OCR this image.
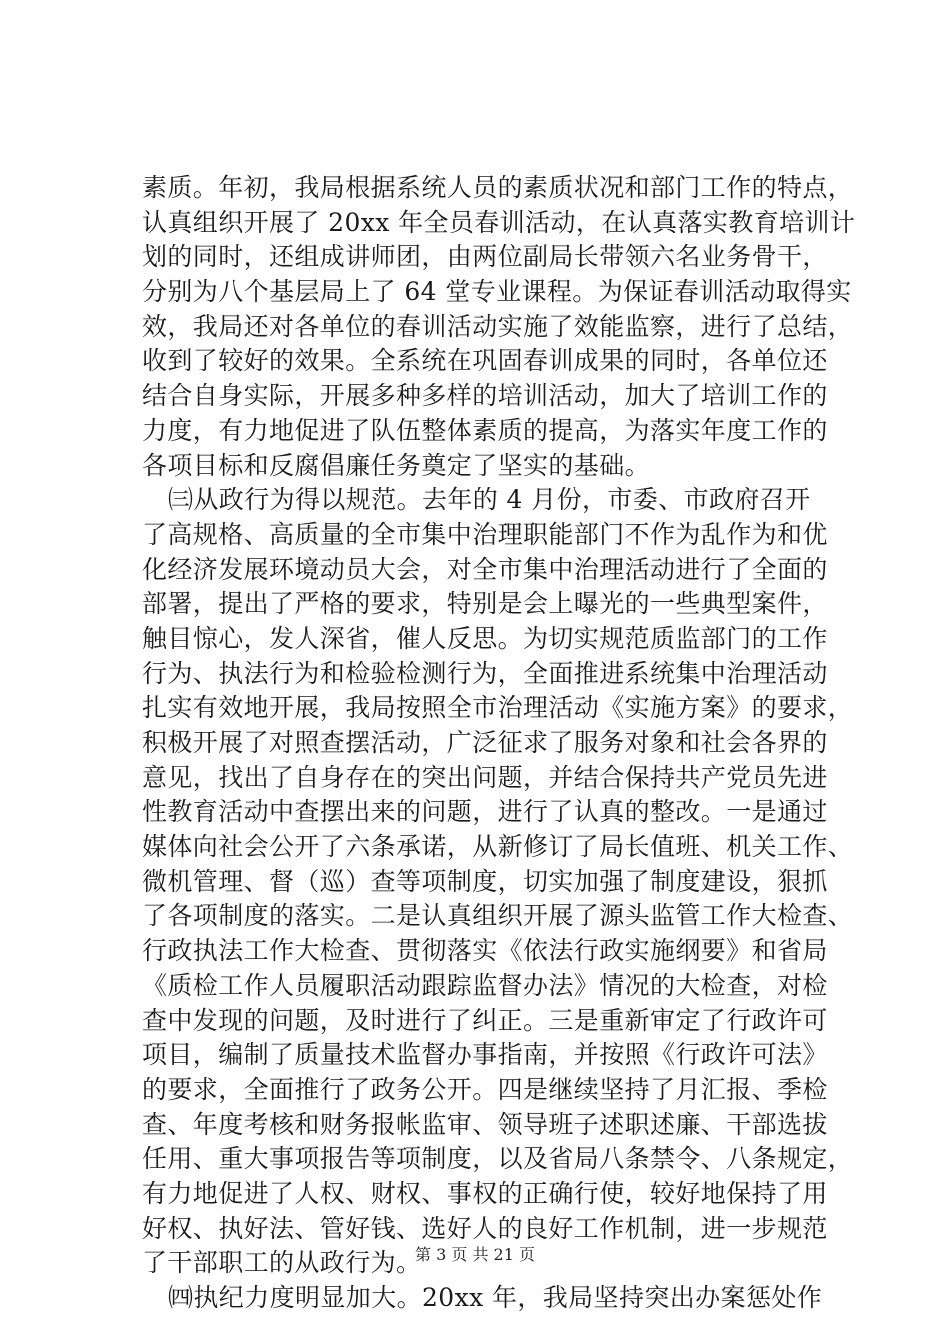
素质。年初，我局根据系统人员的素质状况和部门工作的特点，
认真组织开展了 20xx 年全员春训活动，在认真落实教育培训计
划的同时，还组成讲师团，由两位副局长带领六名业务骨干，
分别为八个基层局上了 64 堂专业课程。为保证春训活动取得实
效，我局还对各单位的春训活动实施了效能监察，进行了总结，
收到了较好的效果。全系统在巩固春训成果的同时，各单位还
结合自身实际，开展多种多样的培训活动，加大了培训工作的
力度，有力地促进了队伍整体素质的提高，为落实年度工作的
各项目标和反腐倡廉任务奠定了坚实的基础。
㈢从政行为得以规范。去年的 4 月份，市委、市政府召开
了高规格、高质量的全市集中治理职能部门不作为乱作为和优
化经济发展环境动员大会，对全市集中治理活动进行了全面的
部署，提出了严格的要求，特别是会上曝光的一些典型案件，
触目惊心，发人深省，催人反思。为切实规范质监部门的工作
行为、执法行为和检验检测行为，全面推进系统集中治理活动
扎实有效地开展，我局按照全市治理活动《实施方案》的要求，
积极开展了对照查摆活动，广泛征求了服务对象和社会各界的
意见，找出了自身存在的突出问题，并结合保持共产党员先进
性教育活动中查摆出来的问题，进行了认真的整改。一是通过
媒体向社会公开了六条承诺，从新修订了局长值班、机关工作、
微机管理、督（巡）查等项制度，切实加强了制度建设，狠抓
了各项制度的落实。二是认真组织开展了源头监管工作大检查、
行政执法工作大检查、贯彻落实《依法行政实施纲要》和省局
《质检工作人员履职活动跟踪监督办法》情况的大检查，对检
查中发现的问题，及时进行了纠正。三是重新审定了行政许可
项目，编制了质量技术监督办事指南，并按照《行政许可法》
的要求，全面推行了政务公开。四是继续坚持了月汇报、季检
查、年度考核和财务报帐监审、领导班子述职述廉、干部选拔
任用、重大事项报告等项制度，以及省局八条禁令、八条规定，
有力地促进了人权、财权、事权的正确行使，较好地保持了用
好权、执好法、管好钱、选好人的良好工作机制，进一步规范
了干部职工的从政行为。
㈣执纪力度明显加大。20xx 年，我局坚持突出办案惩处作
第 3 页 共 21 页
